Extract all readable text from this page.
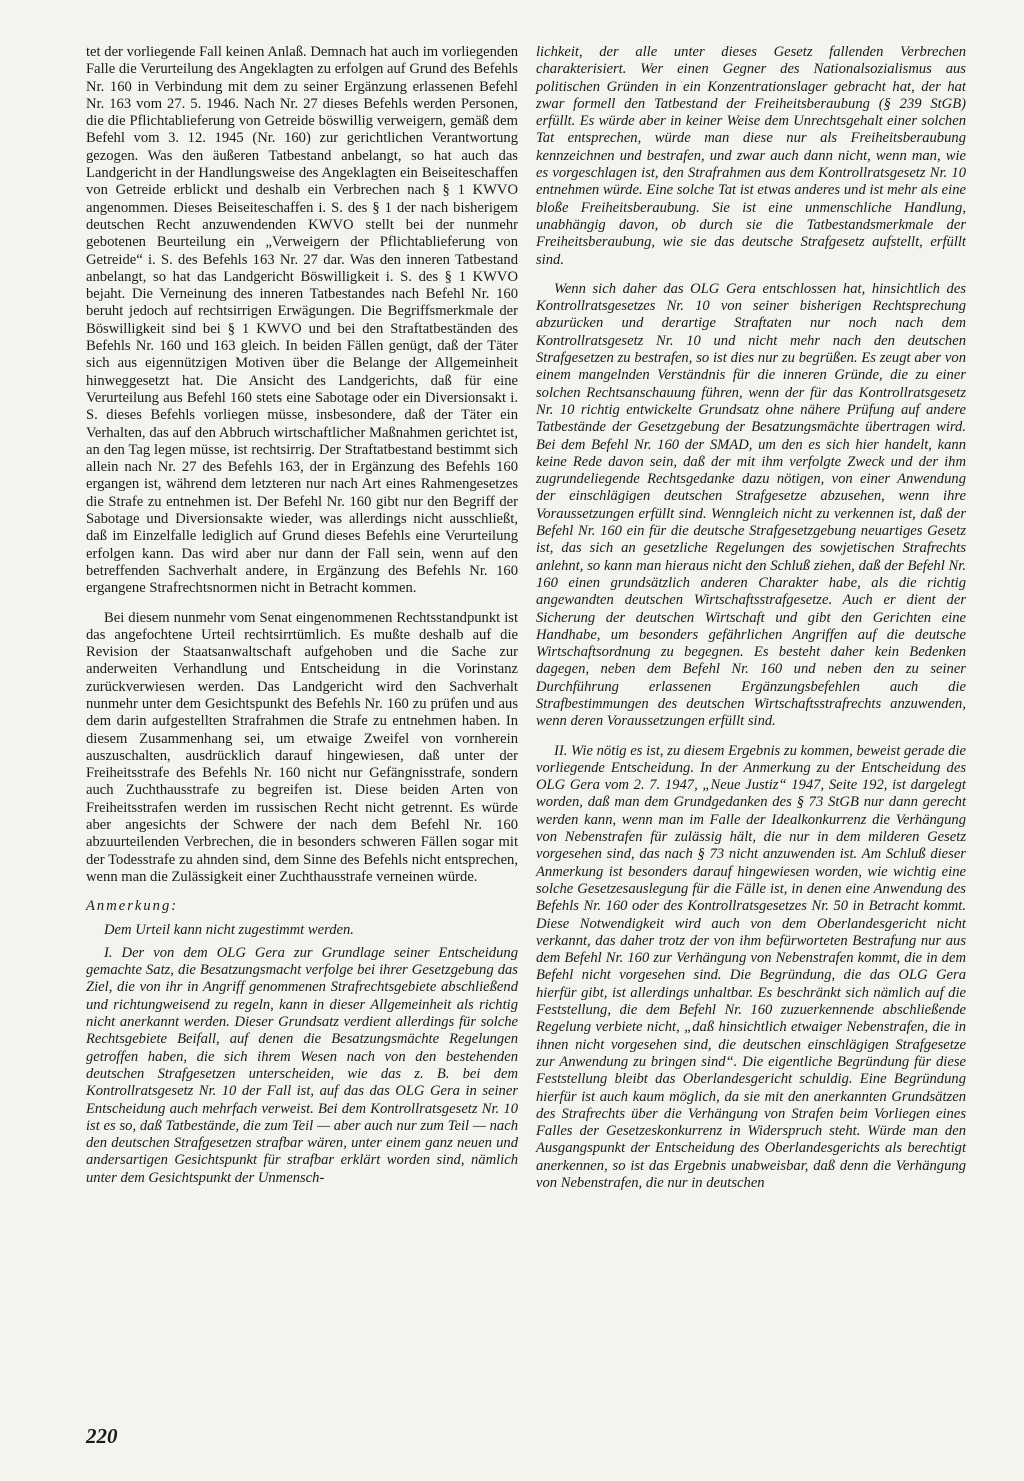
tet der vorliegende Fall keinen Anlaß. Demnach hat auch im vorliegenden Falle die Verurteilung des Angeklagten zu erfolgen auf Grund des Befehls Nr. 160 in Verbindung mit dem zu seiner Ergänzung erlassenen Befehl Nr. 163 vom 27. 5. 1946. Nach Nr. 27 dieses Befehls werden Personen, die die Pflichtablieferung von Getreide böswillig verweigern, gemäß dem Befehl vom 3. 12. 1945 (Nr. 160) zur gerichtlichen Verantwortung gezogen. Was den äußeren Tatbestand anbelangt, so hat auch das Landgericht in der Handlungsweise des Angeklagten ein Beiseiteschaffen von Getreide erblickt und deshalb ein Verbrechen nach § 1 KWVO angenommen. Dieses Beiseiteschaffen i. S. des § 1 der nach bisherigem deutschen Recht anzuwendenden KWVO stellt bei der nunmehr gebotenen Beurteilung ein „Verweigern der Pflichtablieferung von Getreide“ i. S. des Befehls 163 Nr. 27 dar. Was den inneren Tatbestand anbelangt, so hat das Landgericht Böswilligkeit i. S. des § 1 KWVO bejaht. Die Verneinung des inneren Tatbestandes nach Befehl Nr. 160 beruht jedoch auf rechtsirrigen Erwägungen. Die Begriffsmerkmale der Böswilligkeit sind bei § 1 KWVO und bei den Straftatbeständen des Befehls Nr. 160 und 163 gleich. In beiden Fällen genügt, daß der Täter sich aus eigennützigen Motiven über die Belange der Allgemeinheit hinweggesetzt hat. Die Ansicht des Landgerichts, daß für eine Verurteilung aus Befehl 160 stets eine Sabotage oder ein Diversionsakt i. S. dieses Befehls vorliegen müsse, insbesondere, daß der Täter ein Verhalten, das auf den Abbruch wirtschaftlicher Maßnahmen gerichtet ist, an den Tag legen müsse, ist rechtsirrig. Der Straftatbestand bestimmt sich allein nach Nr. 27 des Befehls 163, der in Ergänzung des Befehls 160 ergangen ist, während dem letzteren nur nach Art eines Rahmengesetzes die Strafe zu entnehmen ist. Der Befehl Nr. 160 gibt nur den Begriff der Sabotage und Diversionsakte wieder, was allerdings nicht ausschließt, daß im Einzelfalle lediglich auf Grund dieses Befehls eine Verurteilung erfolgen kann. Das wird aber nur dann der Fall sein, wenn auf den betreffenden Sachverhalt andere, in Ergänzung des Befehls Nr. 160 ergangene Strafrechtsnormen nicht in Betracht kommen.

Bei diesem nunmehr vom Senat eingenommenen Rechtsstandpunkt ist das angefochtene Urteil rechtsirrtümlich. Es mußte deshalb auf die Revision der Staatsanwaltschaft aufgehoben und die Sache zur anderweiten Verhandlung und Entscheidung in die Vorinstanz zurückverwiesen werden. Das Landgericht wird den Sachverhalt nunmehr unter dem Gesichtspunkt des Befehls Nr. 160 zu prüfen und aus dem darin aufgestellten Strafrahmen die Strafe zu entnehmen haben. In diesem Zusammenhang sei, um etwaige Zweifel von vornherein auszuschalten, ausdrücklich darauf hingewiesen, daß unter der Freiheitsstrafe des Befehls Nr. 160 nicht nur Gefängnisstrafe, sondern auch Zuchthausstrafe zu begreifen ist. Diese beiden Arten von Freiheitsstrafen werden im russischen Recht nicht getrennt. Es würde aber angesichts der Schwere der nach dem Befehl Nr. 160 abzuurteilenden Verbrechen, die in besonders schweren Fällen sogar mit der Todesstrafe zu ahnden sind, dem Sinne des Befehls nicht entsprechen, wenn man die Zulässigkeit einer Zuchthausstrafe verneinen würde.

Anmerkung:

Dem Urteil kann nicht zugestimmt werden.

I. Der von dem OLG Gera zur Grundlage seiner Entscheidung gemachte Satz, die Besatzungsmacht verfolge bei ihrer Gesetzgebung das Ziel, die von ihr in Angriff genommenen Strafrechtsgebiete abschließend und richtungweisend zu regeln, kann in dieser Allgemeinheit als richtig nicht anerkannt werden. Dieser Grundsatz verdient allerdings für solche Rechtsgebiete Beifall, auf denen die Besatzungsmächte Regelungen getroffen haben, die sich ihrem Wesen nach von den bestehenden deutschen Strafgesetzen unterscheiden, wie das z. B. bei dem Kontrollratsgesetz Nr. 10 der Fall ist, auf das das OLG Gera in seiner Entscheidung auch mehrfach verweist. Bei dem Kontrollratsgesetz Nr. 10 ist es so, daß Tatbestände, die zum Teil — aber auch nur zum Teil — nach den deutschen Strafgesetzen strafbar wären, unter einem ganz neuen und andersartigen Gesichtspunkt für strafbar erklärt worden sind, nämlich unter dem Gesichtspunkt der Unmensch-

lichkeit, der alle unter dieses Gesetz fallenden Verbrechen charakterisiert. Wer einen Gegner des Nationalsozialismus aus politischen Gründen in ein Konzentrationslager gebracht hat, der hat zwar formell den Tatbestand der Freiheitsberaubung (§ 239 StGB) erfüllt. Es würde aber in keiner Weise dem Unrechtsgehalt einer solchen Tat entsprechen, würde man diese nur als Freiheitsberaubung kennzeichnen und bestrafen, und zwar auch dann nicht, wenn man, wie es vorgeschlagen ist, den Strafrahmen aus dem Kontrollratsgesetz Nr. 10 entnehmen würde. Eine solche Tat ist etwas anderes und ist mehr als eine bloße Freiheitsberaubung. Sie ist eine unmenschliche Handlung, unabhängig davon, ob durch sie die Tatbestandsmerkmale der Freiheitsberaubung, wie sie das deutsche Strafgesetz aufstellt, erfüllt sind.

Wenn sich daher das OLG Gera entschlossen hat, hinsichtlich des Kontrollratsgesetzes Nr. 10 von seiner bisherigen Rechtsprechung abzurücken und derartige Straftaten nur noch nach dem Kontrollratsgesetz Nr. 10 und nicht mehr nach den deutschen Strafgesetzen zu bestrafen, so ist dies nur zu begrüßen. Es zeugt aber von einem mangelnden Verständnis für die inneren Gründe, die zu einer solchen Rechtsanschauung führen, wenn der für das Kontrollratsgesetz Nr. 10 richtig entwickelte Grundsatz ohne nähere Prüfung auf andere Tatbestände der Gesetzgebung der Besatzungsmächte übertragen wird. Bei dem Befehl Nr. 160 der SMAD, um den es sich hier handelt, kann keine Rede davon sein, daß der mit ihm verfolgte Zweck und der ihm zugrundeliegende Rechtsgedanke dazu nötigen, von einer Anwendung der einschlägigen deutschen Strafgesetze abzusehen, wenn ihre Voraussetzungen erfüllt sind. Wenngleich nicht zu verkennen ist, daß der Befehl Nr. 160 ein für die deutsche Strafgesetzgebung neuartiges Gesetz ist, das sich an gesetzliche Regelungen des sowjetischen Strafrechts anlehnt, so kann man hieraus nicht den Schluß ziehen, daß der Befehl Nr. 160 einen grundsätzlich anderen Charakter habe, als die richtig angewandten deutschen Wirtschaftsstrafgesetze. Auch er dient der Sicherung der deutschen Wirtschaft und gibt den Gerichten eine Handhabe, um besonders gefährlichen Angriffen auf die deutsche Wirtschaftsordnung zu begegnen. Es besteht daher kein Bedenken dagegen, neben dem Befehl Nr. 160 und neben den zu seiner Durchführung erlassenen Ergänzungsbefehlen auch die Strafbestimmungen des deutschen Wirtschaftsstrafrechts anzuwenden, wenn deren Voraussetzungen erfüllt sind.

II. Wie nötig es ist, zu diesem Ergebnis zu kommen, beweist gerade die vorliegende Entscheidung. In der Anmerkung zu der Entscheidung des OLG Gera vom 2. 7. 1947, „Neue Justiz“ 1947, Seite 192, ist dargelegt worden, daß man dem Grundgedanken des § 73 StGB nur dann gerecht werden kann, wenn man im Falle der Idealkonkurrenz die Verhängung von Nebenstrafen für zulässig hält, die nur in dem milderen Gesetz vorgesehen sind, das nach § 73 nicht anzuwenden ist. Am Schluß dieser Anmerkung ist besonders darauf hingewiesen worden, wie wichtig eine solche Gesetzesauslegung für die Fälle ist, in denen eine Anwendung des Befehls Nr. 160 oder des Kontrollratsgesetzes Nr. 50 in Betracht kommt. Diese Notwendigkeit wird auch von dem Oberlandesgericht nicht verkannt, das daher trotz der von ihm befürworteten Bestrafung nur aus dem Befehl Nr. 160 zur Verhängung von Nebenstrafen kommt, die in dem Befehl nicht vorgesehen sind. Die Begründung, die das OLG Gera hierfür gibt, ist allerdings unhaltbar. Es beschränkt sich nämlich auf die Feststellung, die dem Befehl Nr. 160 zuzuerkennende abschließende Regelung verbiete nicht, „daß hinsichtlich etwaiger Nebenstrafen, die in ihnen nicht vorgesehen sind, die deutschen einschlägigen Strafgesetze zur Anwendung zu bringen sind“. Die eigentliche Begründung für diese Feststellung bleibt das Oberlandesgericht schuldig. Eine Begründung hierfür ist auch kaum möglich, da sie mit den anerkannten Grundsätzen des Strafrechts über die Verhängung von Strafen beim Vorliegen eines Falles der Gesetzeskonkurrenz in Widerspruch steht. Würde man den Ausgangspunkt der Entscheidung des Oberlandesgerichts als berechtigt anerkennen, so ist das Ergebnis unabweisbar, daß denn die Verhängung von Nebenstrafen, die nur in deutschen

220
